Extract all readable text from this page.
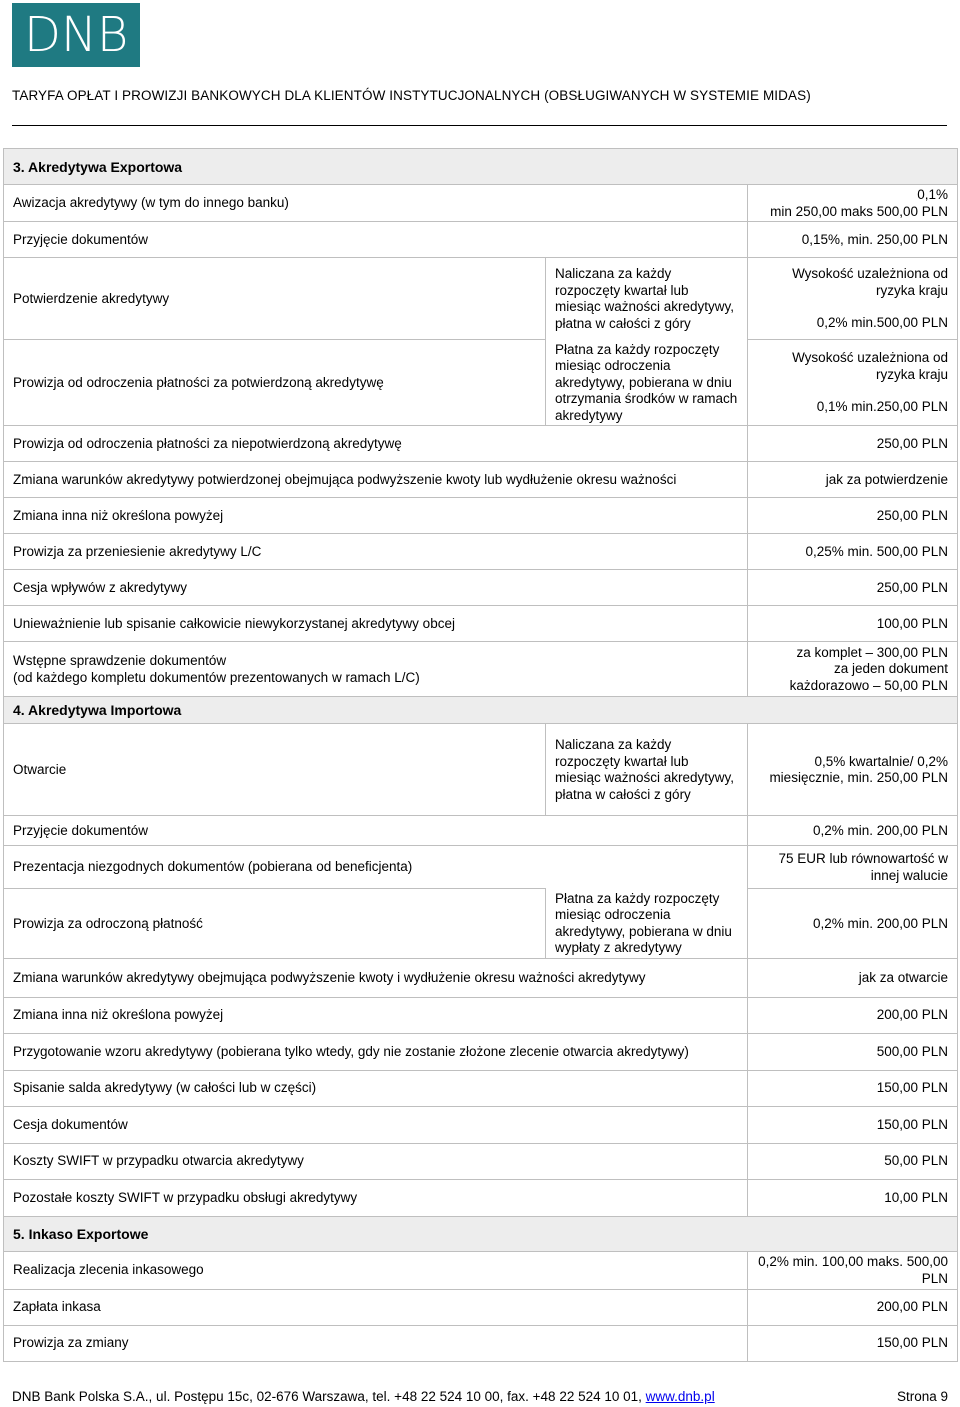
DNB
TARYFA OPŁAT I PROWIZJI BANKOWYCH DLA KLIENTÓW INSTYTUCJONALNYCH (OBSŁUGIWANYCH W SYSTEMIE MIDAS)
3. Akredytywa Exportowa		
Awizacja akredytywy (w tym do innego banku)		0,1%
min 250,00 maks 500,00 PLN

Przyjęcie dokumentów		0,15%, min. 250,00 PLN
Potwierdzenie akredytywy	Naliczana za każdy rozpoczęty kwartał lub miesiąc ważności akredytywy, płatna w całości z góry	Wysokość uzależniona od ryzyka kraju
0,2% min.500,00 PLN

Prowizja od odroczenia płatności za potwierdzoną akredytywę	Płatna za każdy rozpoczęty miesiąc odroczenia akredytywy, pobierana w dniu otrzymania środków w ramach akredytywy	Wysokość uzależniona od ryzyka kraju
0,1% min.250,00 PLN

Prowizja od odroczenia płatności za niepotwierdzoną akredytywę		250,00 PLN
Zmiana warunków akredytywy potwierdzonej obejmująca podwyższenie kwoty lub wydłużenie okresu ważności		jak za potwierdzenie
Zmiana inna niż określona powyżej		250,00 PLN
Prowizja za przeniesienie akredytywy L/C		0,25% min. 500,00 PLN
Cesja wpływów z akredytywy		250,00 PLN
Unieważnienie lub spisanie całkowicie niewykorzystanej akredytywy obcej		100,00 PLN

Wstępne sprawdzenie dokumentów
(od każdego kompletu dokumentów prezentowanych w ramach L/C)		za komplet – 300,00 PLN
za jeden dokument
każdorazowo – 50,00 PLN

4. Akredytywa Importowa		
Otwarcie	Naliczana za każdy rozpoczęty kwartał lub miesiąc ważności akredytywy, płatna w całości z góry	0,5% kwartalnie/ 0,2% miesięcznie, min. 250,00 PLN
Przyjęcie dokumentów		0,2% min. 200,00 PLN
Prezentacja niezgodnych dokumentów (pobierana od beneficjenta)		75 EUR lub równowartość w innej walucie
Prowizja za odroczoną płatność	Płatna za każdy rozpoczęty miesiąc odroczenia akredytywy, pobierana w dniu wypłaty z akredytywy	0,2% min. 200,00 PLN
Zmiana warunków akredytywy obejmująca podwyższenie kwoty i wydłużenie okresu ważności akredytywy		jak za otwarcie
Zmiana inna niż określona powyżej		200,00 PLN
Przygotowanie wzoru akredytywy (pobierana tylko wtedy, gdy nie zostanie złożone zlecenie otwarcia akredytywy)		500,00 PLN
Spisanie salda akredytywy (w całości lub w części)		150,00 PLN
Cesja dokumentów		150,00 PLN
Koszty SWIFT w przypadku otwarcia akredytywy		50,00 PLN
Pozostałe koszty SWIFT w przypadku obsługi akredytywy		10,00 PLN
5. Inkaso Exportowe		
Realizacja zlecenia inkasowego		0,2% min. 100,00 maks. 500,00 PLN
Zapłata inkasa		200,00 PLN
Prowizja za zmiany		150,00 PLN
DNB Bank Polska S.A., ul. Postępu 15c, 02-676 Warszawa, tel. +48 22 524 10 00, fax. +48 22 524 10 01, www.dnb.pl	Strona 9
